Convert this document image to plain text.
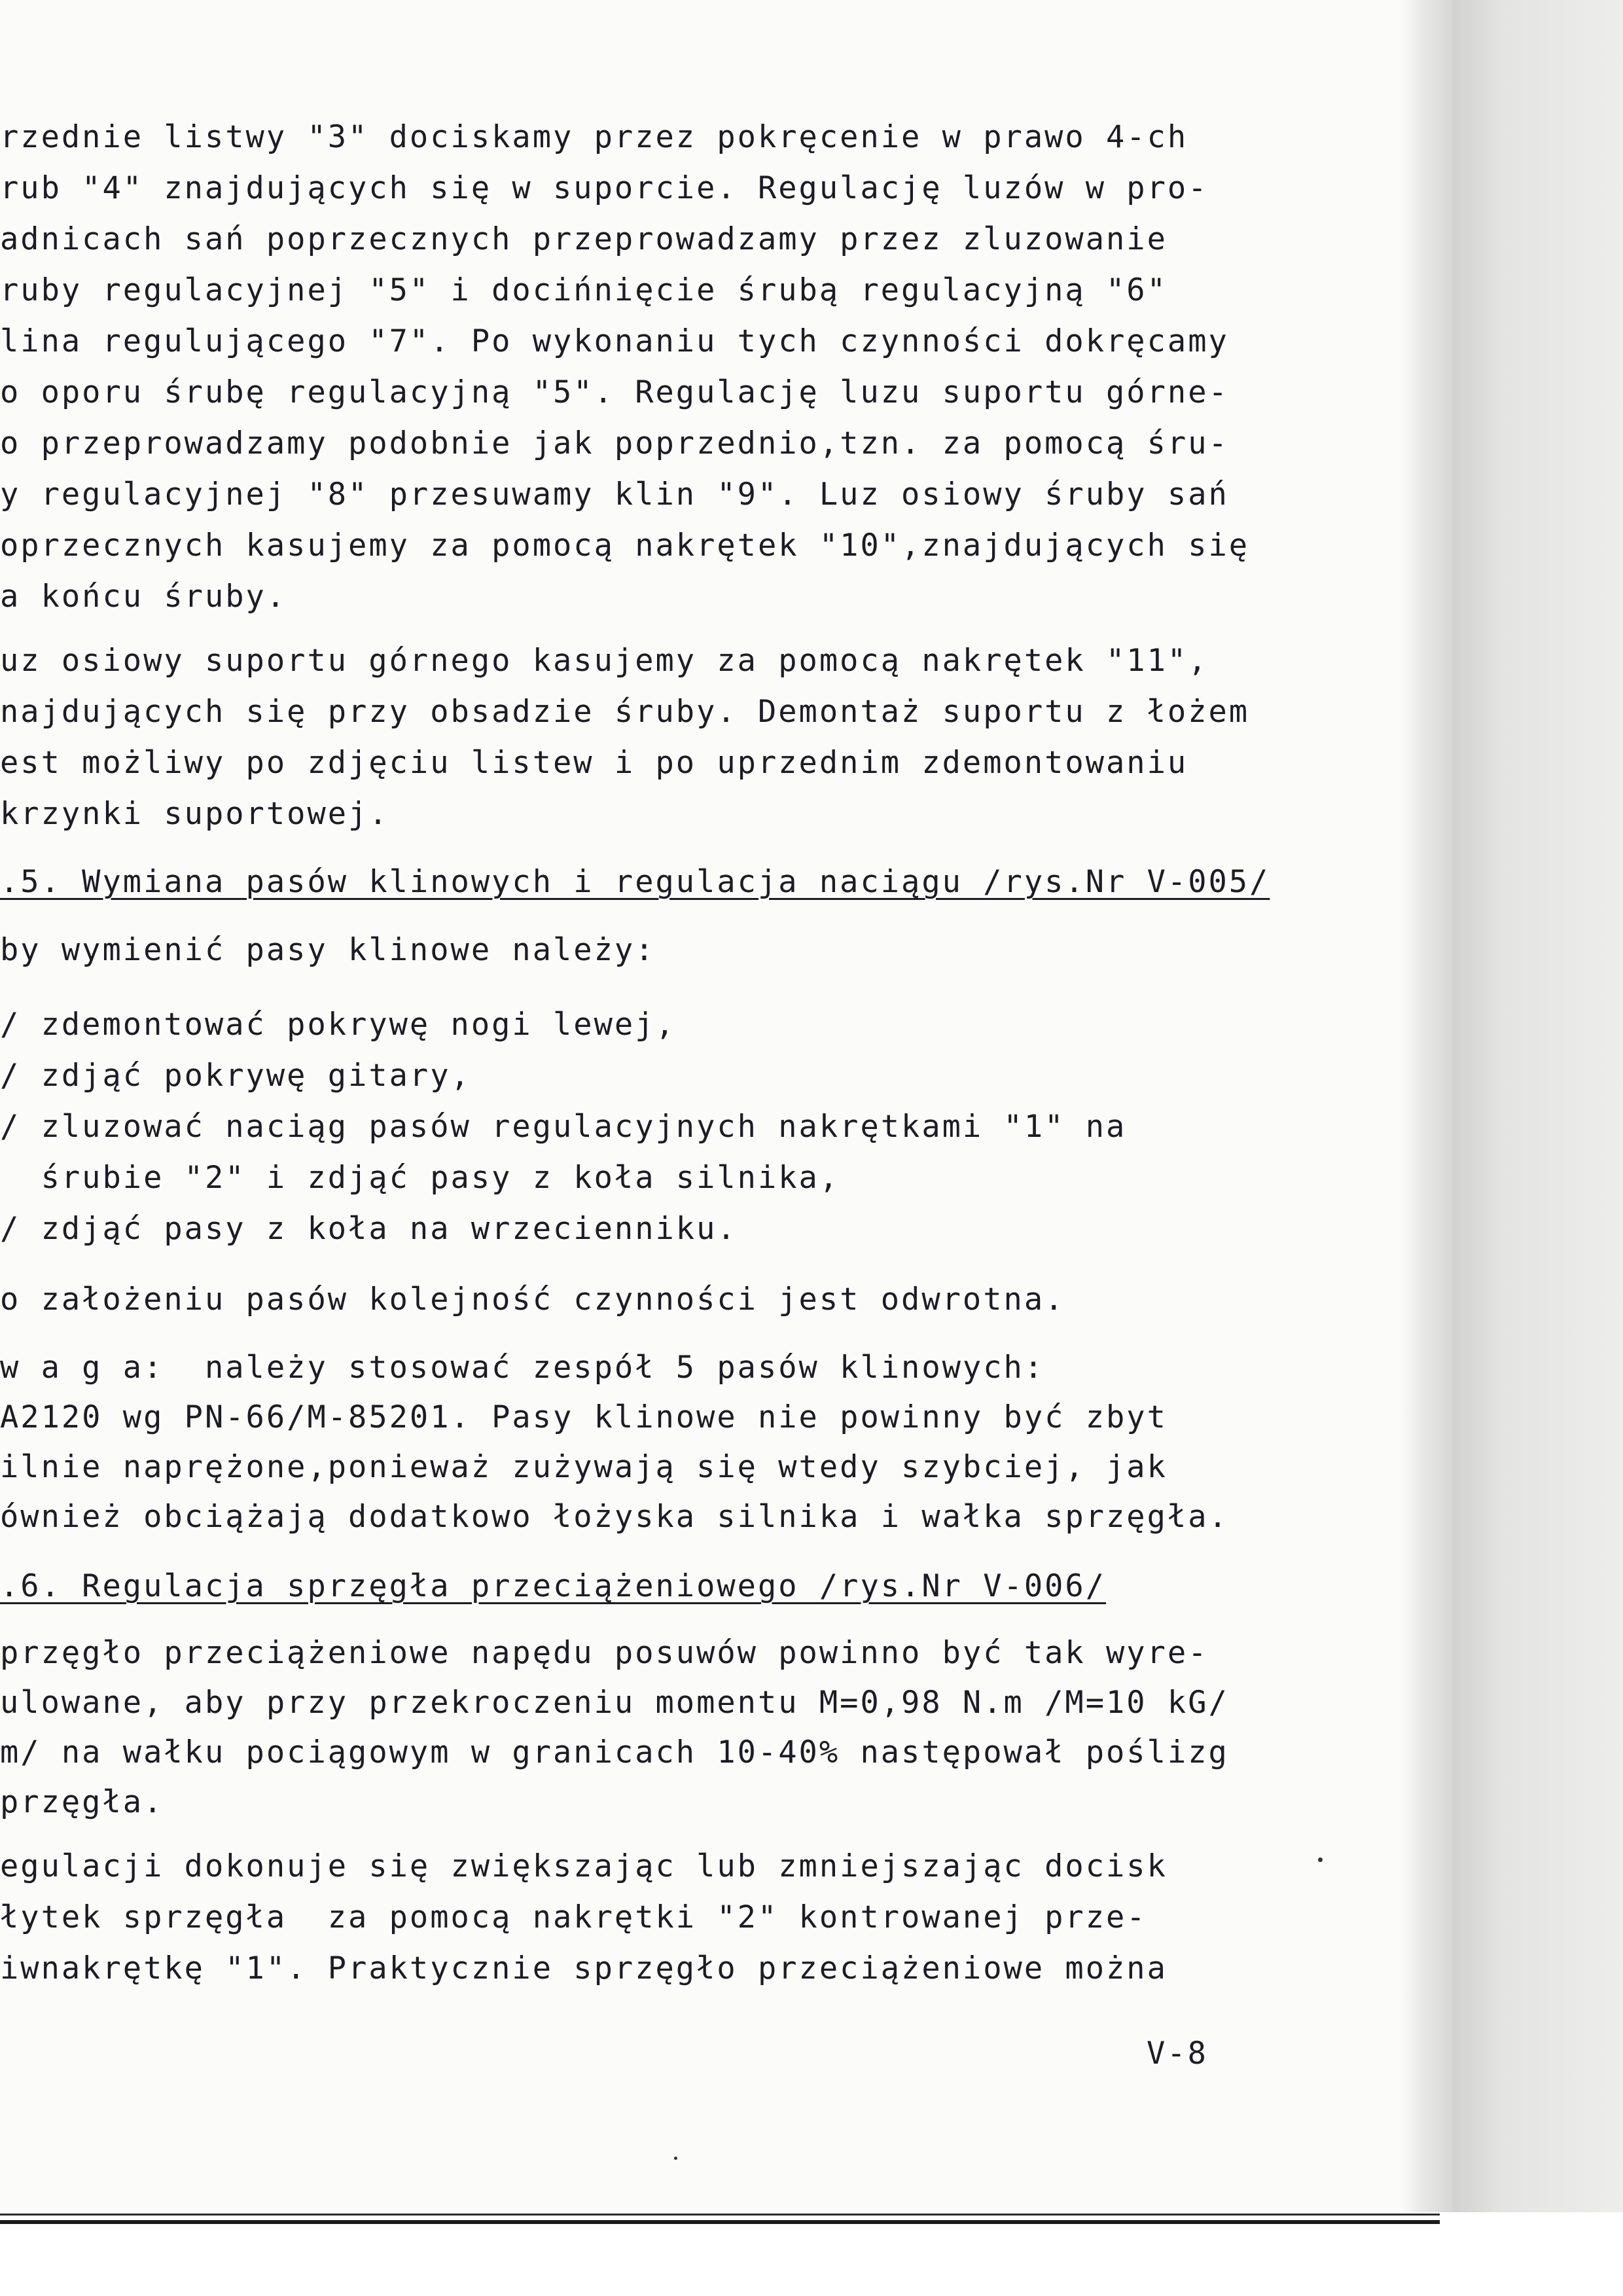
rzednie listwy "3" dociskamy przez pokręcenie w prawo 4-ch
rub "4" znajdujących się w suporcie. Regulację luzów w pro-
adnicach sań poprzecznych przeprowadzamy przez zluzowanie
ruby regulacyjnej "5" i docińnięcie śrubą regulacyjną "6"
lina regulującego "7". Po wykonaniu tych czynności dokręcamy
o oporu śrubę regulacyjną "5". Regulację luzu suportu górne-
o przeprowadzamy podobnie jak poprzednio,tzn. za pomocą śru-
y regulacyjnej "8" przesuwamy klin "9". Luz osiowy śruby sań
oprzecznych kasujemy za pomocą nakrętek "10",znajdujących się
a końcu śruby.
uz osiowy suportu górnego kasujemy za pomocą nakrętek "11",
najdujących się przy obsadzie śruby. Demontaż suportu z łożem
est możliwy po zdjęciu listew i po uprzednim zdemontowaniu
krzynki suportowej.
.5. Wymiana pasów klinowych i regulacja naciągu /rys.Nr V-005/
by wymienić pasy klinowe należy:
/ zdemontować pokrywę nogi lewej,
/ zdjąć pokrywę gitary,
/ zluzować naciąg pasów regulacyjnych nakrętkami "1" na
śrubie "2" i zdjąć pasy z koła silnika,
/ zdjąć pasy z koła na wrzecienniku.
o założeniu pasów kolejność czynności jest odwrotna.
w a g a:  należy stosować zespół 5 pasów klinowych:
A2120 wg PN-66/M-85201. Pasy klinowe nie powinny być zbyt
ilnie naprężone,ponieważ zużywają się wtedy szybciej, jak
ównież obciążają dodatkowo łożyska silnika i wałka sprzęgła.
.6. Regulacja sprzęgła przeciążeniowego /rys.Nr V-006/
przęgło przeciążeniowe napędu posuwów powinno być tak wyre-
ulowane, aby przy przekroczeniu momentu M=0,98 N.m /M=10 kG/
m/ na wałku pociągowym w granicach 10-40% następował poślizg
przęgła.
egulacji dokonuje się zwiększając lub zmniejszając docisk
łytek sprzęgła  za pomocą nakrętki "2" kontrowanej prze-
iwnakrętkę "1". Praktycznie sprzęgło przeciążeniowe można
V-8
